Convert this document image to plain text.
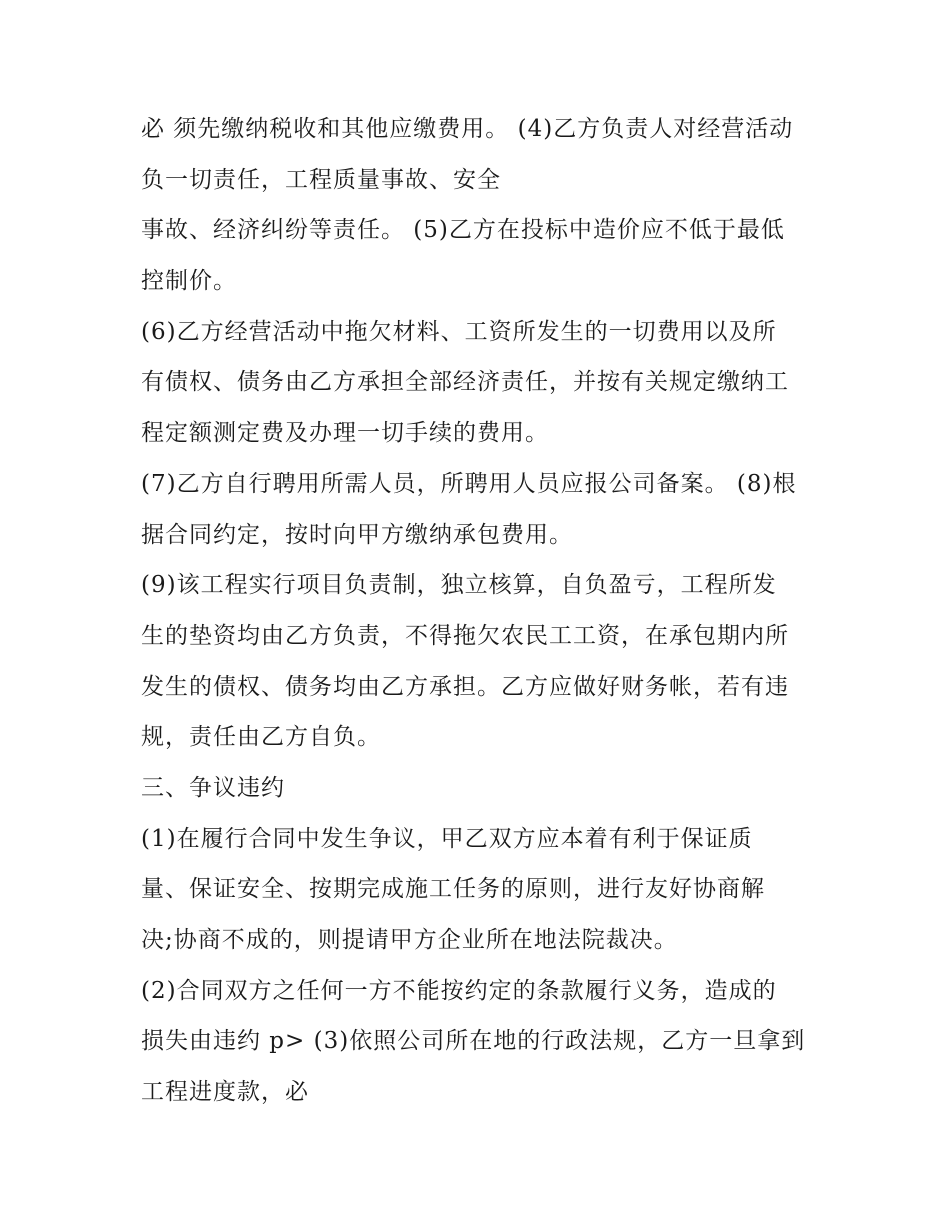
必 须先缴纳税收和其他应缴费用。 (4)乙方负责人对经营活动
负一切责任，工程质量事故、安全
事故、经济纠纷等责任。 (5)乙方在投标中造价应不低于最低
控制价。
(6)乙方经营活动中拖欠材料、工资所发生的一切费用以及所
有债权、债务由乙方承担全部经济责任，并按有关规定缴纳工
程定额测定费及办理一切手续的费用。
(7)乙方自行聘用所需人员，所聘用人员应报公司备案。 (8)根
据合同约定，按时向甲方缴纳承包费用。
(9)该工程实行项目负责制，独立核算，自负盈亏，工程所发
生的垫资均由乙方负责，不得拖欠农民工工资，在承包期内所
发生的债权、债务均由乙方承担。乙方应做好财务帐，若有违
规，责任由乙方自负。
三、争议违约
(1)在履行合同中发生争议，甲乙双方应本着有利于保证质
量、保证安全、按期完成施工任务的原则，进行友好协商解
决;协商不成的，则提请甲方企业所在地法院裁决。
(2)合同双方之任何一方不能按约定的条款履行义务，造成的
损失由违约 p> (3)依照公司所在地的行政法规，乙方一旦拿到
工程进度款，必
